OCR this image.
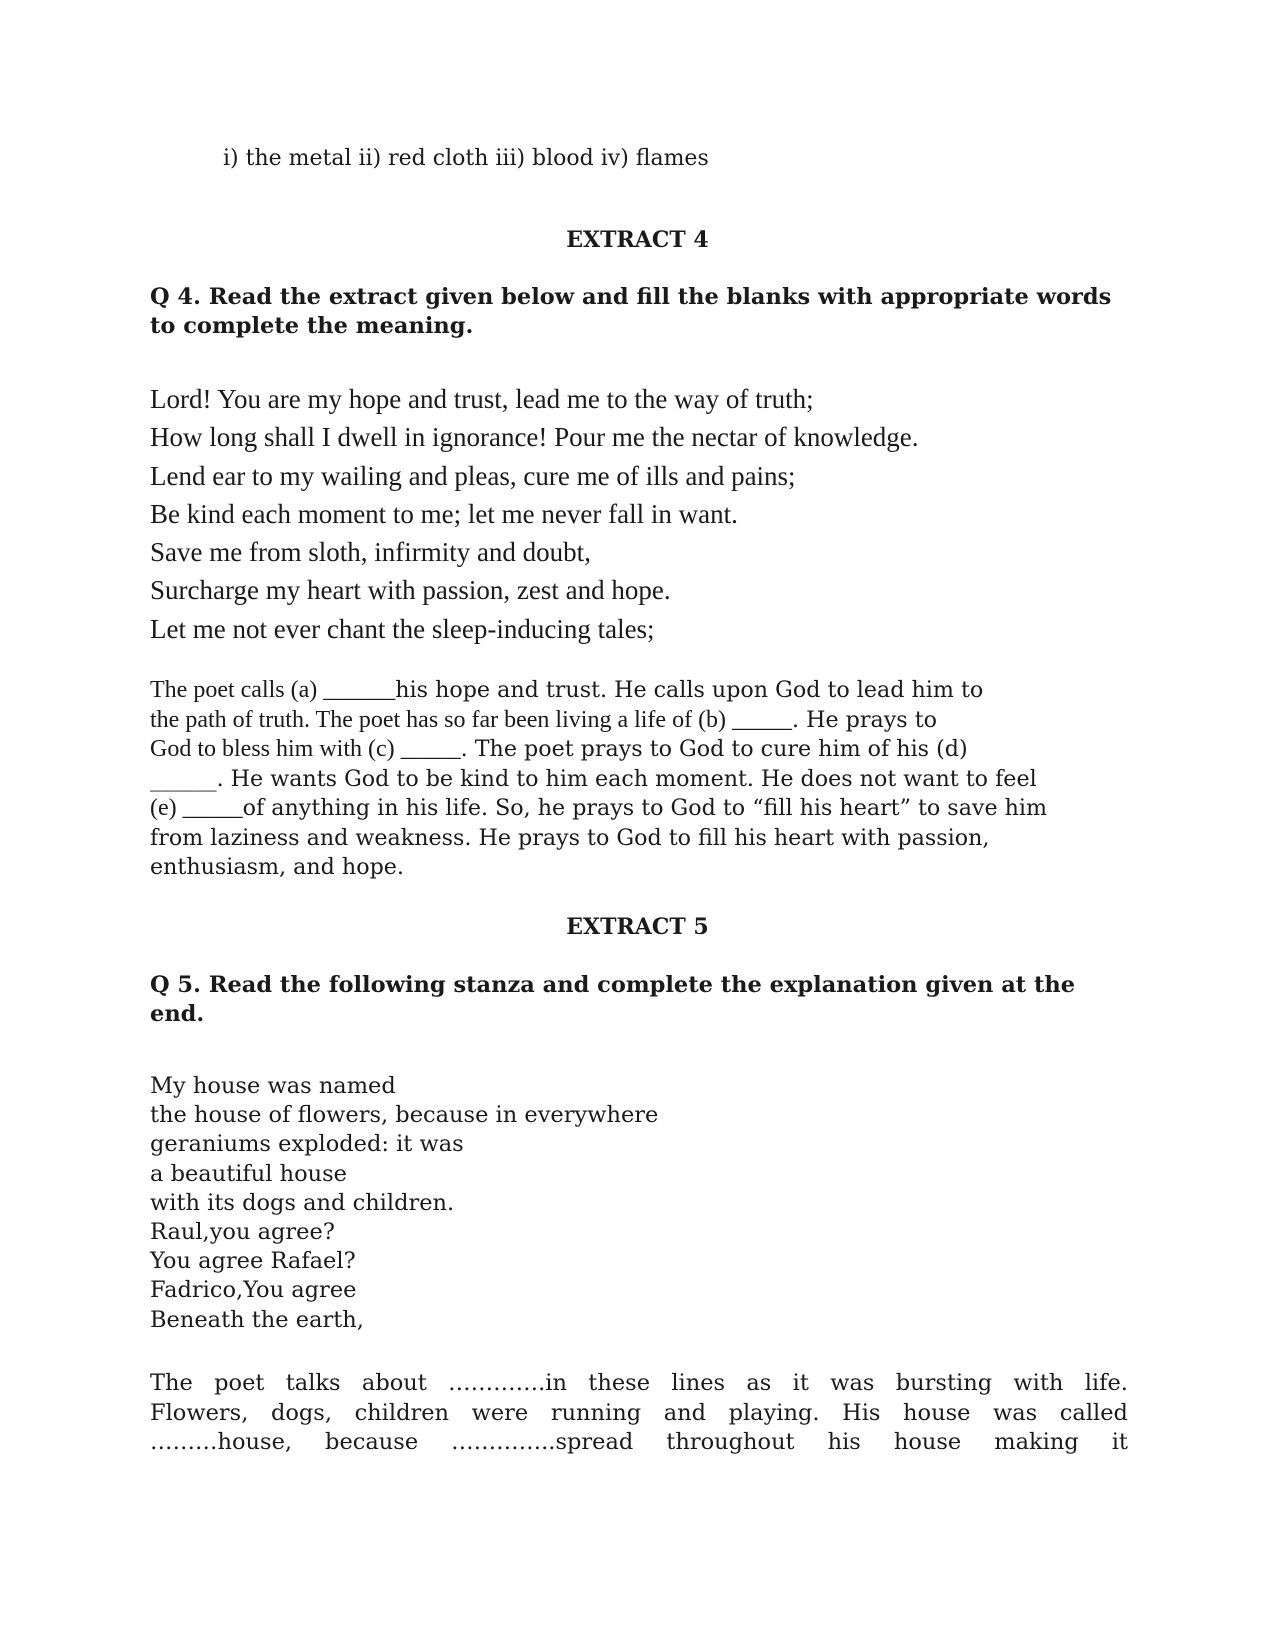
i) the metal ii) red cloth iii) blood iv) flames
EXTRACT 4
Q 4. Read the extract given below and fill the blanks with appropriate words to complete the meaning.
Lord! You are my hope and trust, lead me to the way of truth;
How long shall I dwell in ignorance! Pour me the nectar of knowledge.
Lend ear to my wailing and pleas, cure me of ills and pains;
Be kind each moment to me; let me never fall in want.
Save me from sloth, infirmity and doubt,
Surcharge my heart with passion, zest and hope.
Let me not ever chant the sleep-inducing tales;
The poet calls (a) ______his hope and trust. He calls upon God to lead him to
the path of truth. The poet has so far been living a life of (b) _____. He prays to
God to bless him with (c) _____. The poet prays to God to cure him of his (d)
______. He wants God to be kind to him each moment. He does not want to feel
(e) _____of anything in his life. So, he prays to God to “fill his heart” to save him
from laziness and weakness. He prays to God to fill his heart with passion,
enthusiasm, and hope.
EXTRACT 5
Q 5. Read the following stanza and complete the explanation given at the end.
My house was named
the house of flowers, because in everywhere
geraniums exploded: it was
a beautiful house
with its dogs and children.
Raul,you agree?
You agree Rafael?
Fadrico,You agree
Beneath the earth,
The poet talks about ………….in these lines as it was bursting with life.
Flowers, dogs, children were running and playing. His house was called
………house, because …………..spread throughout his house making it
